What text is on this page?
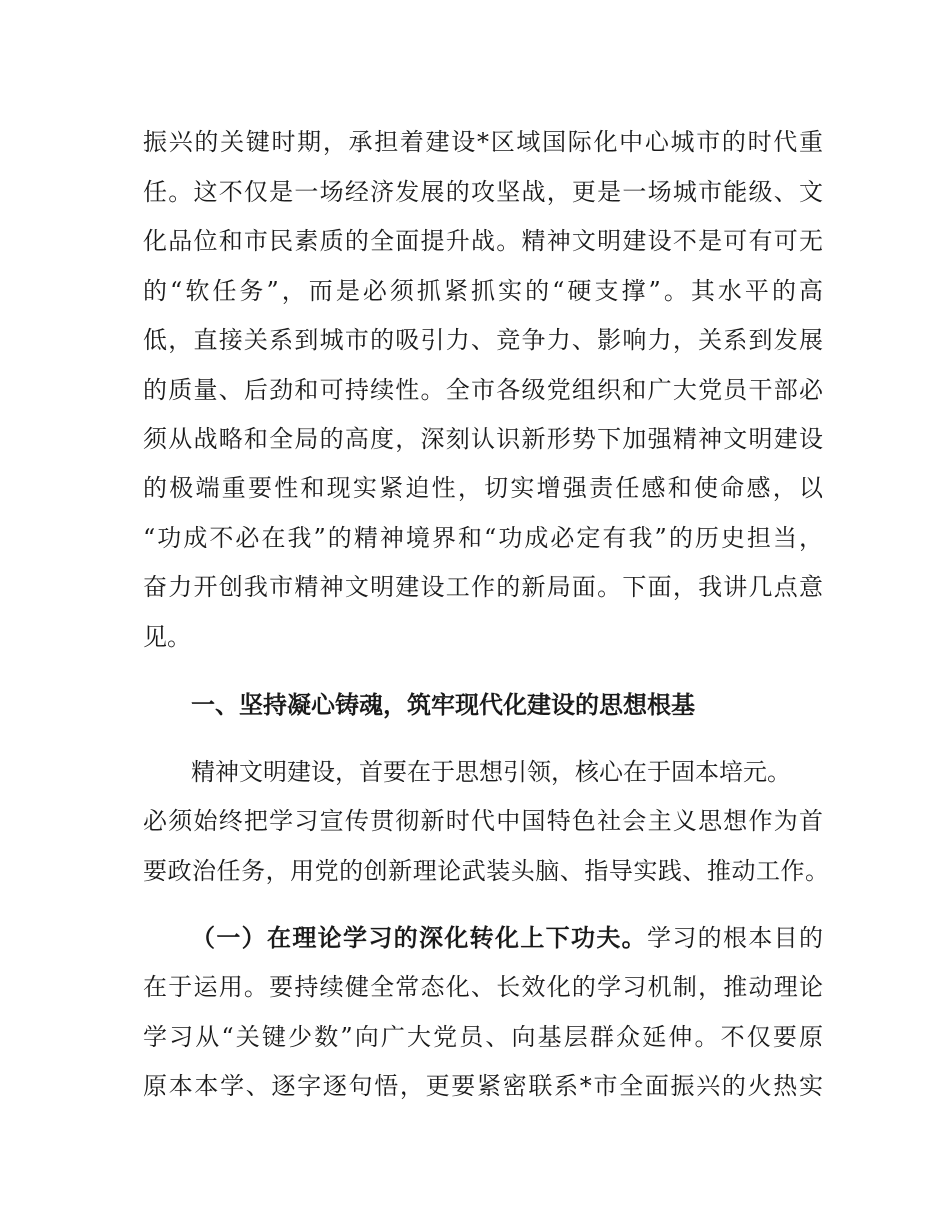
振兴的关键时期，承担着建设*区域国际化中心城市的时代重
任。这不仅是一场经济发展的攻坚战，更是一场城市能级、文
化品位和市民素质的全面提升战。精神文明建设不是可有可无
的“软任务”，而是必须抓紧抓实的“硬支撑”。其水平的高
低，直接关系到城市的吸引力、竞争力、影响力，关系到发展
的质量、后劲和可持续性。全市各级党组织和广大党员干部必
须从战略和全局的高度，深刻认识新形势下加强精神文明建设
的极端重要性和现实紧迫性，切实增强责任感和使命感，以
“功成不必在我”的精神境界和“功成必定有我”的历史担当，
奋力开创我市精神文明建设工作的新局面。下面，我讲几点意
见。
一、坚持凝心铸魂，筑牢现代化建设的思想根基
精神文明建设，首要在于思想引领，核心在于固本培元。
必须始终把学习宣传贯彻新时代中国特色社会主义思想作为首
要政治任务，用党的创新理论武装头脑、指导实践、推动工作。
（一）在理论学习的深化转化上下功夫。学习的根本目的
在于运用。要持续健全常态化、长效化的学习机制，推动理论
学习从“关键少数”向广大党员、向基层群众延伸。不仅要原
原本本学、逐字逐句悟，更要紧密联系*市全面振兴的火热实
